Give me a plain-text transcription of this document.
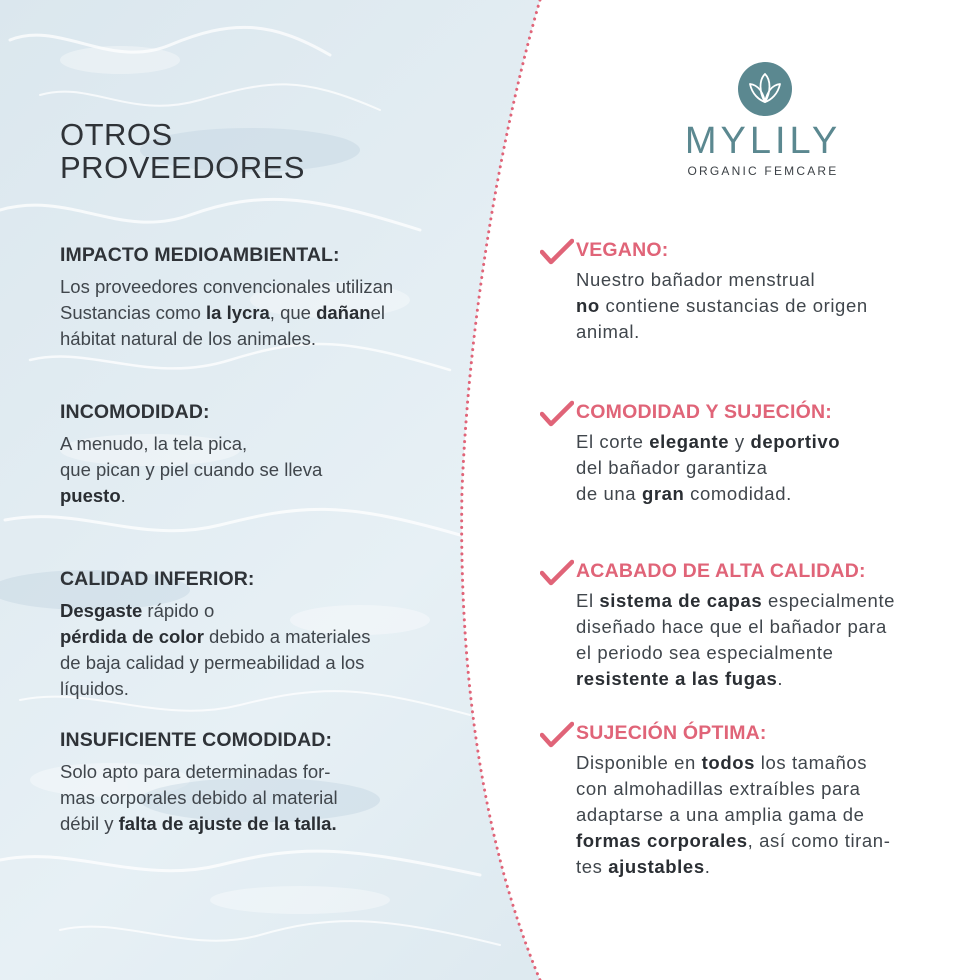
OTROS
PROVEEDORES
IMPACTO MEDIOAMBIENTAL:

Los proveedores convencionales utilizan
Sustancias como la lycra, que dañanel
hábitat natural de los animales.

INCOMODIDAD:

A menudo, la tela pica,
que pican y piel cuando se lleva
puesto.

CALIDAD INFERIOR:

Desgaste rápido o
pérdida de color debido a materiales
de baja calidad y permeabilidad a los
líquidos.

INSUFICIENTE COMODIDAD:

Solo apto para determinadas for-
mas corporales debido al material
débil y falta de ajuste de la talla.

MYLILY

ORGANIC FEMCARE

VEGANO:

Nuestro bañador menstrual
no contiene sustancias de origen
animal.

COMODIDAD Y SUJECIÓN:

El corte elegante y deportivo
del bañador garantiza
de una gran comodidad.

ACABADO DE ALTA CALIDAD:

El sistema de capas especialmente
diseñado hace que el bañador para
el periodo sea especialmente
resistente a las fugas.

SUJECIÓN ÓPTIMA:

Disponible en todos los tamaños
con almohadillas extraíbles para
adaptarse a una amplia gama de
formas corporales, así como tiran-
tes ajustables.
